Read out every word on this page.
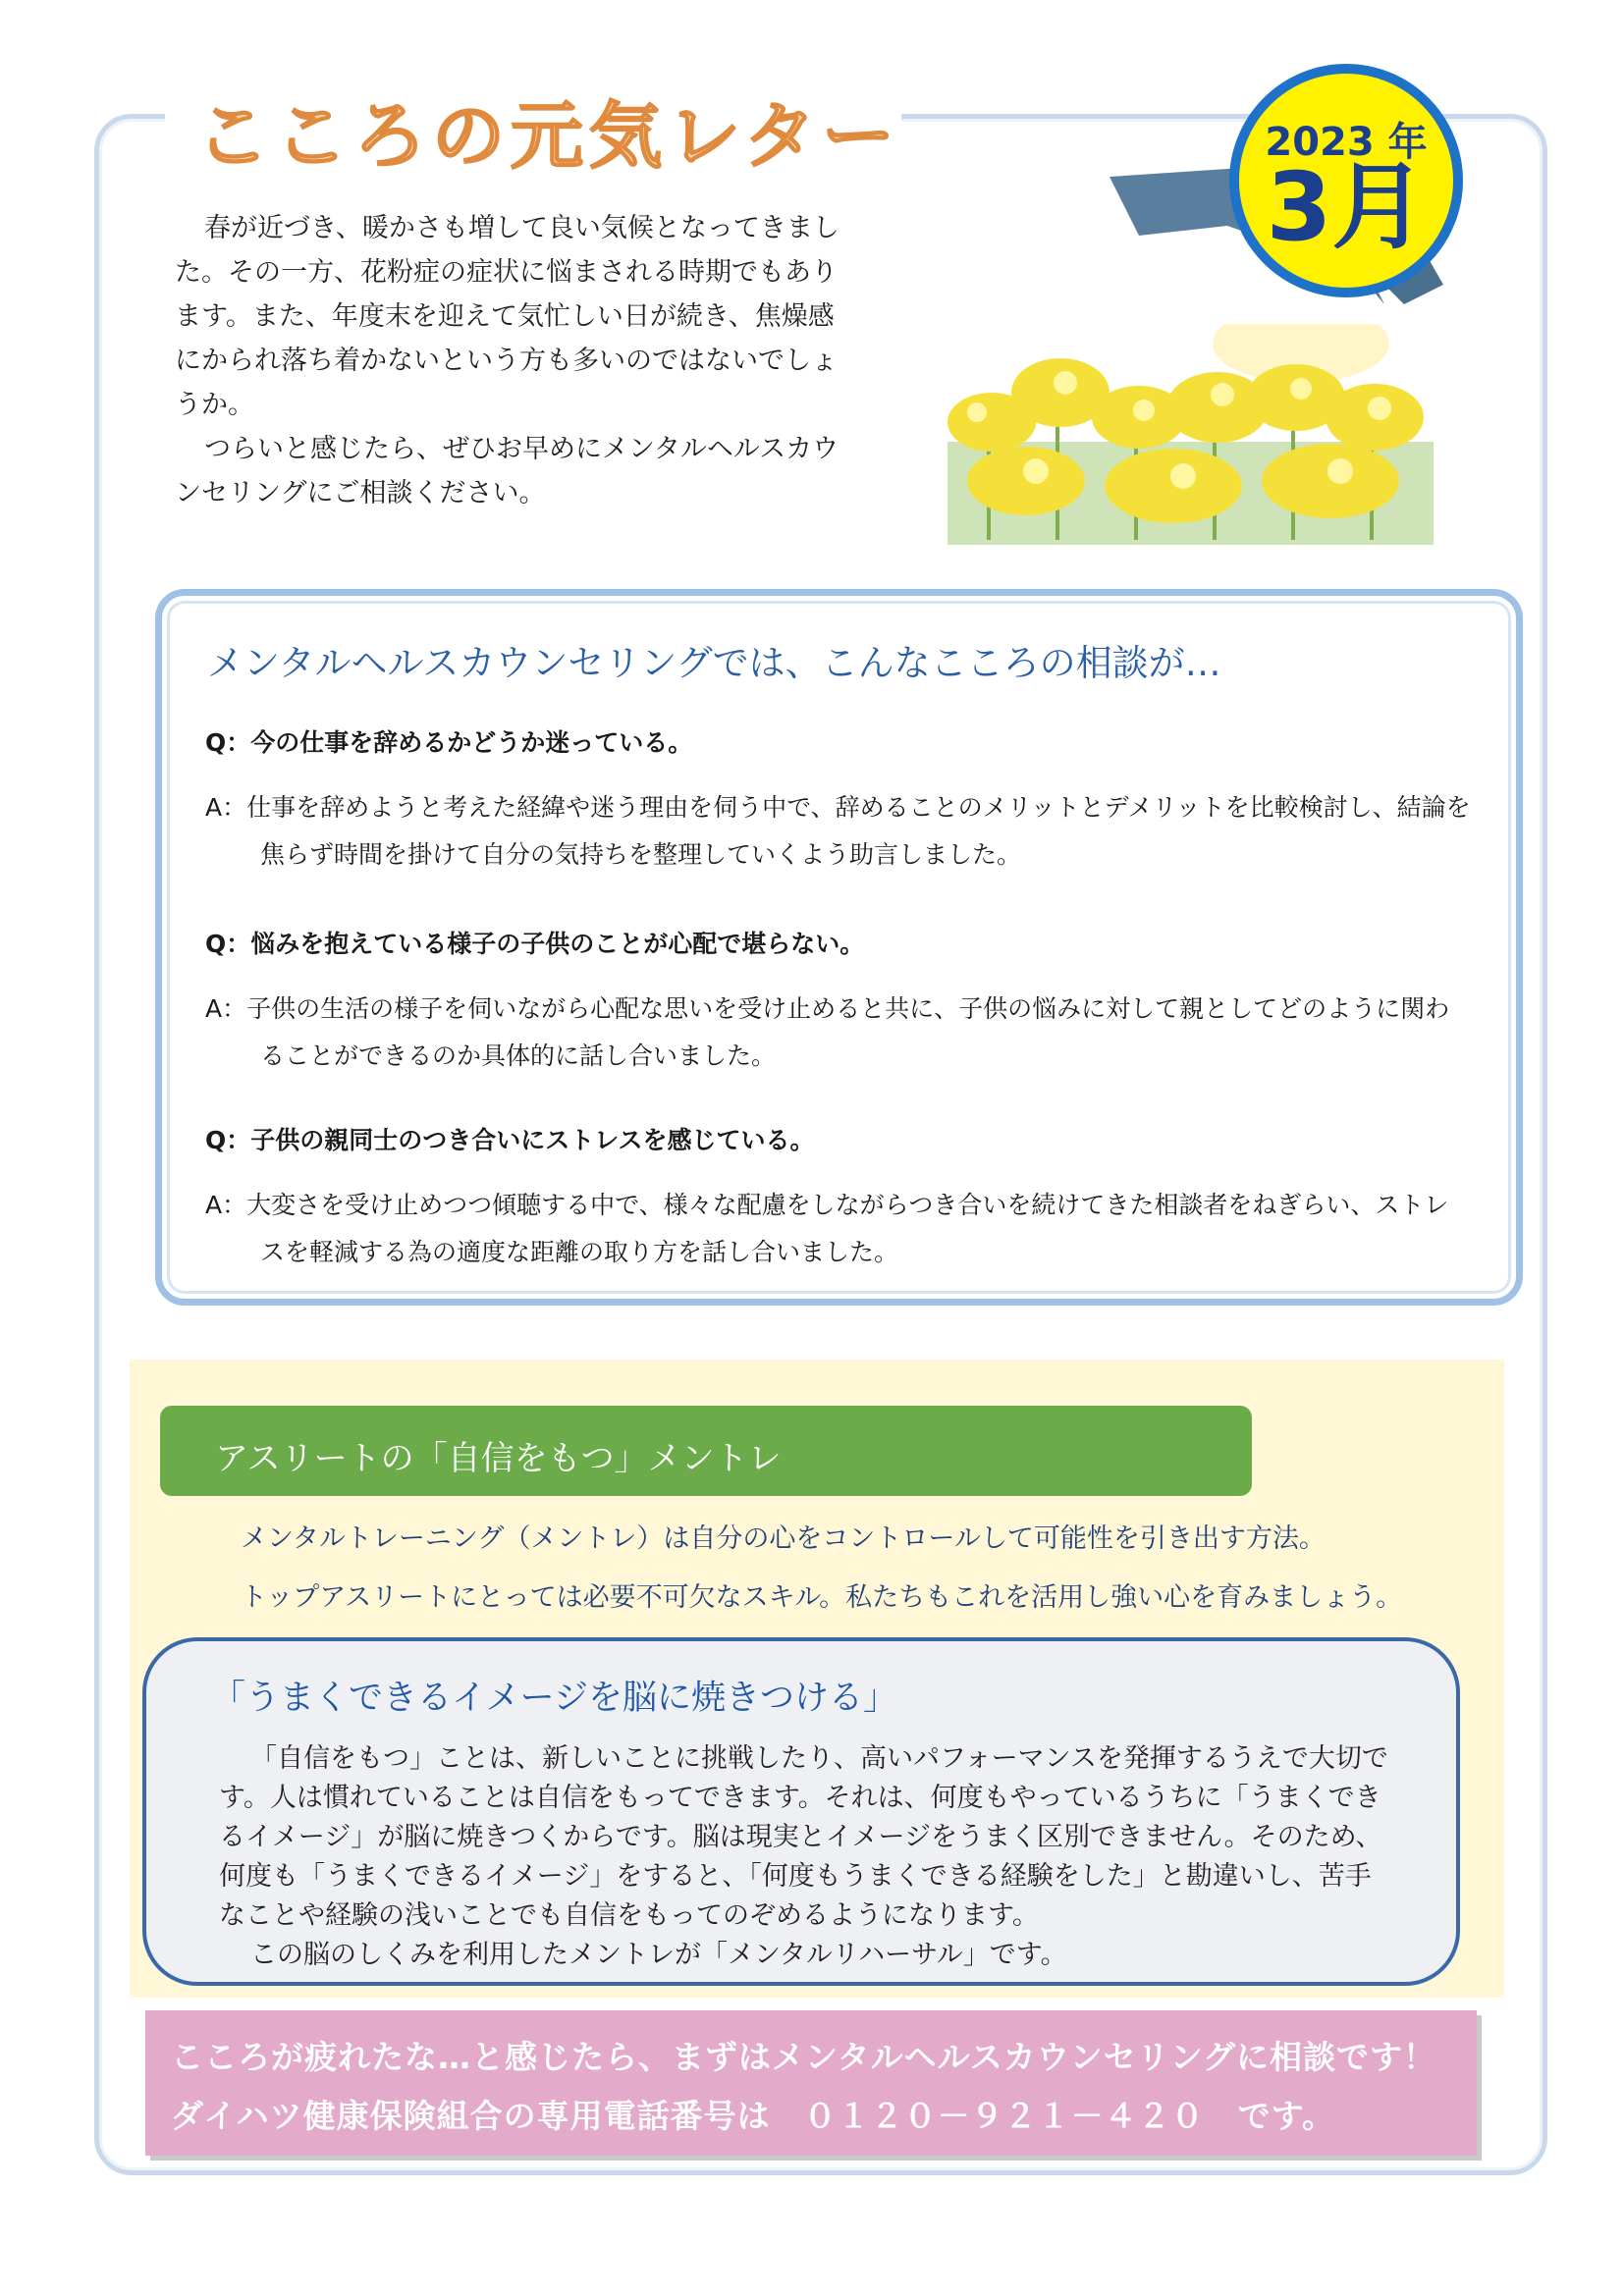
こころの元気レター	2023 年
3月

春が近づき、暖かさも増して良い気候となってきました。その一方、花粉症の症状に悩まされる時期でもあります。また、年度末を迎えて気忙しい日が続き、焦燥感にかられ落ち着かないという方も多いのではないでしょうか。

つらいと感じたら、ぜひお早めにメンタルヘルスカウンセリングにご相談ください。

メンタルヘルスカウンセリングでは、こんなこころの相談が…
Q：今の仕事を辞めるかどうか迷っている。
A：仕事を辞めようと考えた経緯や迷う理由を伺う中で、辞めることのメリットとデメリットを比較検討し、結論を焦らず時間を掛けて自分の気持ちを整理していくよう助言しました。
Q：悩みを抱えている様子の子供のことが心配で堪らない。
A：子供の生活の様子を伺いながら心配な思いを受け止めると共に、子供の悩みに対して親としてどのように関わることができるのか具体的に話し合いました。
Q：子供の親同士のつき合いにストレスを感じている。
A：大変さを受け止めつつ傾聴する中で、様々な配慮をしながらつき合いを続けてきた相談者をねぎらい、ストレスを軽減する為の適度な距離の取り方を話し合いました。
アスリートの「自信をもつ」メントレ
メンタルトレーニング（メントレ）は自分の心をコントロールして可能性を引き出す方法。
トップアスリートにとっては必要不可欠なスキル。私たちもこれを活用し強い心を育みましょう。
「うまくできるイメージを脳に焼きつける」

「自信をもつ」ことは、新しいことに挑戦したり、高いパフォーマンスを発揮するうえで大切です。人は慣れていることは自信をもってできます。それは、何度もやっているうちに「うまくできるイメージ」が脳に焼きつくからです。脳は現実とイメージをうまく区別できません。そのため、何度も「うまくできるイメージ」をすると、「何度もうまくできる経験をした」と勘違いし、苦手なことや経験の浅いことでも自信をもってのぞめるようになります。

この脳のしくみを利用したメントレが「メンタルリハーサル」です。

こころが疲れたな…と感じたら、まずはメンタルヘルスカウンセリングに相談です！
ダイハツ健康保険組合の専用電話番号は　０１２０－９２１－４２０　です。
